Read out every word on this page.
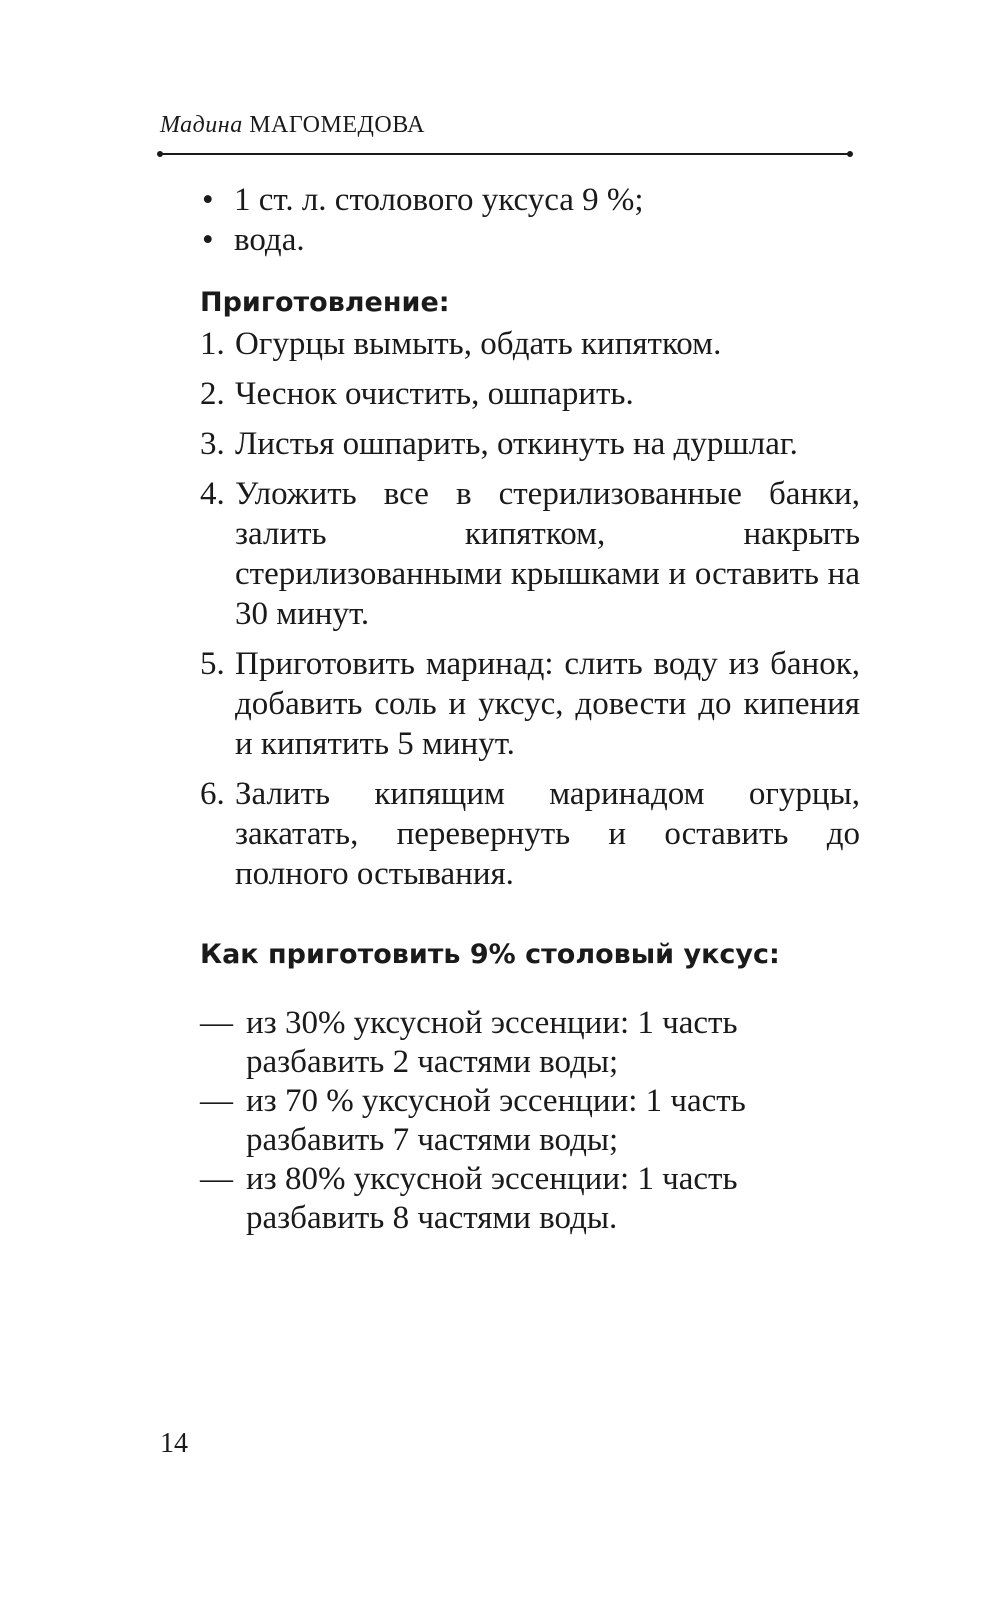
Мадина МАГОМЕДОВА
• 1 ст. л. столового уксуса 9 %;
• вода.
Приготовление:
1. Огурцы вымыть, обдать кипятком.
2. Чеснок очистить, ошпарить.
3. Листья ошпарить, откинуть на дуршлаг.
4. Уложить все в стерилизованные банки, залить кипятком, накрыть стерилизованными крышками и оставить на 30 минут.
5. Приготовить маринад: слить воду из банок, добавить соль и уксус, довести до кипения и кипятить 5 минут.
6. Залить кипящим маринадом огурцы, закатать, перевернуть и оставить до полного остывания.
Как приготовить 9% столовый уксус:
— из 30% уксусной эссенции: 1 часть разбавить 2 частями воды;
— из 70 % уксусной эссенции: 1 часть разбавить 7 частями воды;
— из 80% уксусной эссенции: 1 часть разбавить 8 частями воды.
14
